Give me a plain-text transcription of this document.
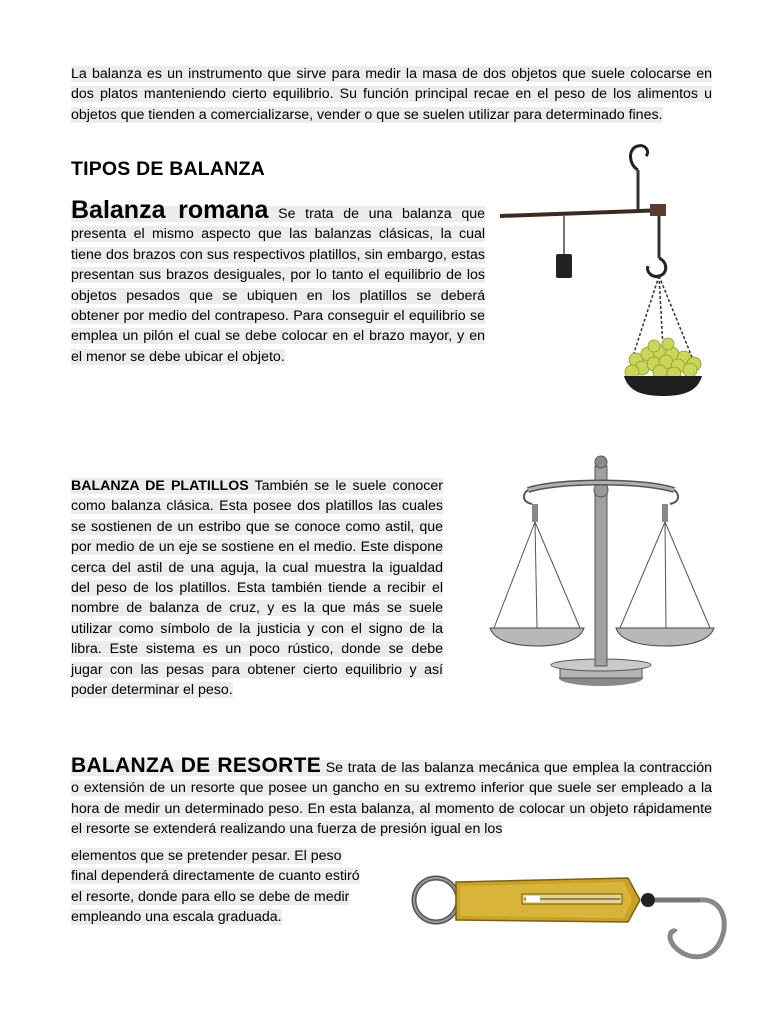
La balanza es un instrumento que sirve para medir la masa de dos objetos que suele colocarse en dos platos manteniendo cierto equilibrio. Su función principal recae en el peso de los alimentos u objetos que tienden a comercializarse, vender o que se suelen utilizar para determinado fines.
TIPOS DE BALANZA
Balanza romana Se trata de una balanza que presenta el mismo aspecto que las balanzas clásicas, la cual tiene dos brazos con sus respectivos platillos, sin embargo, estas presentan sus brazos desiguales, por lo tanto el equilibrio de los objetos pesados que se ubiquen en los platillos se deberá obtener por medio del contrapeso. Para conseguir el equilibrio se emplea un pilón el cual se debe colocar en el brazo mayor, y en el menor se debe ubicar el objeto.
BALANZA DE PLATILLOS También se le suele conocer como balanza clásica. Esta posee dos platillos las cuales se sostienen de un estribo que se conoce como astil, que por medio de un eje se sostiene en el medio. Este dispone cerca del astil de una aguja, la cual muestra la igualdad del peso de los platillos. Esta también tiende a recibir el nombre de balanza de cruz, y es la que más se suele utilizar como símbolo de la justicia y con el signo de la libra. Este sistema es un poco rústico, donde se debe jugar con las pesas para obtener cierto equilibrio y así poder determinar el peso.
BALANZA DE RESORTE Se trata de las balanza mecánica que emplea la contracción o extensión de un resorte que posee un gancho en su extremo inferior que suele ser empleado a la hora de medir un determinado peso. En esta balanza, al momento de colocar un objeto rápidamente el resorte se extenderá realizando una fuerza de presión igual en los
elementos que se pretender pesar. El peso final dependerá directamente de cuanto estiró el resorte, donde para ello se debe de medir empleando una escala graduada.
